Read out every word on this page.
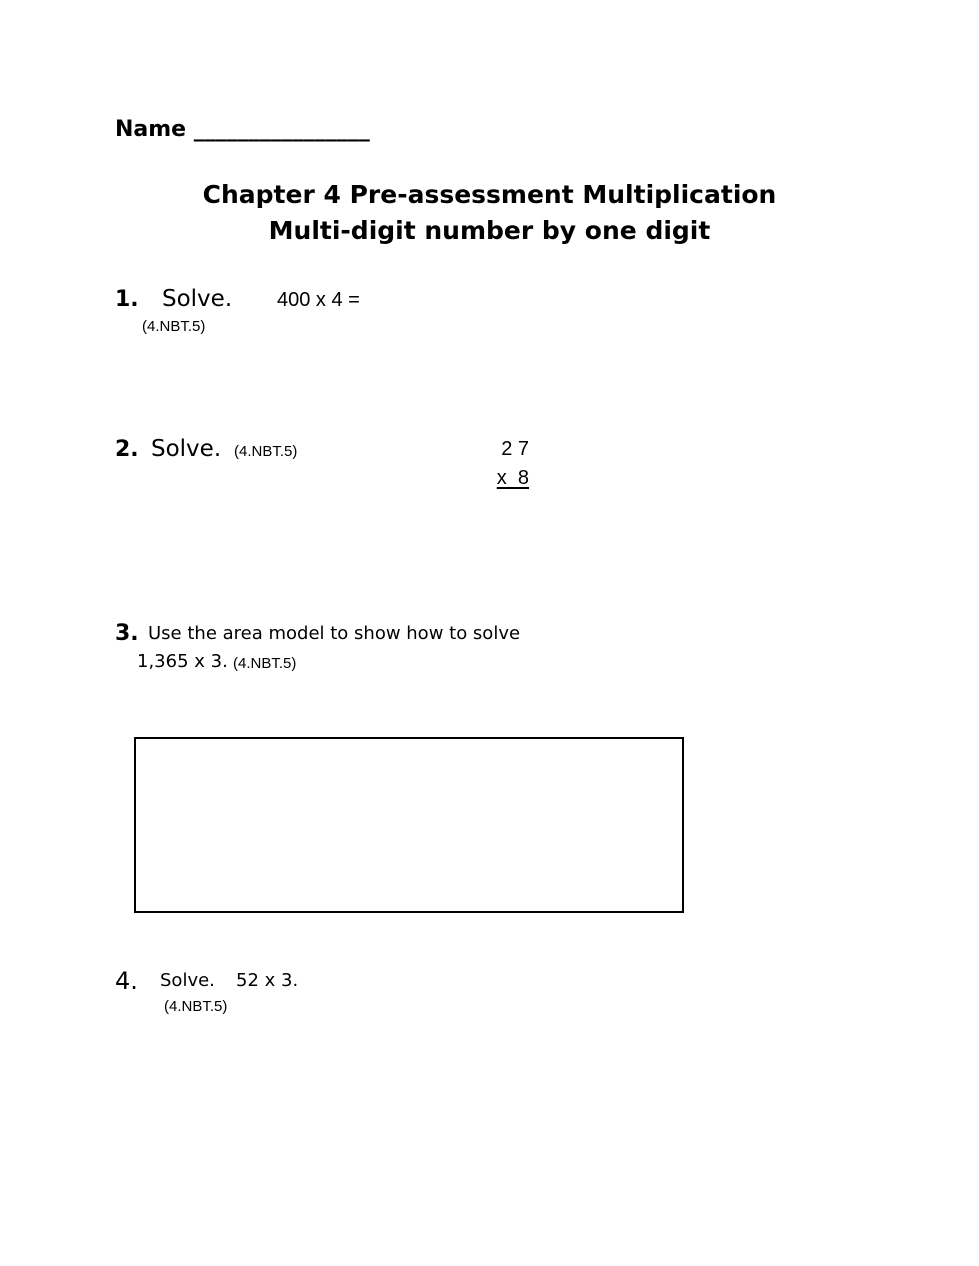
Name ________________
Chapter 4 Pre-assessment Multiplication
Multi-digit number by one digit
1. Solve. 400 x 4 =
(4.NBT.5)
2. Solve. (4.NBT.5)	2 7
x  8
3. Use the area model to show how to solve
1,365 x 3. (4.NBT.5)
4. Solve. 52 x 3.
(4.NBT.5)
